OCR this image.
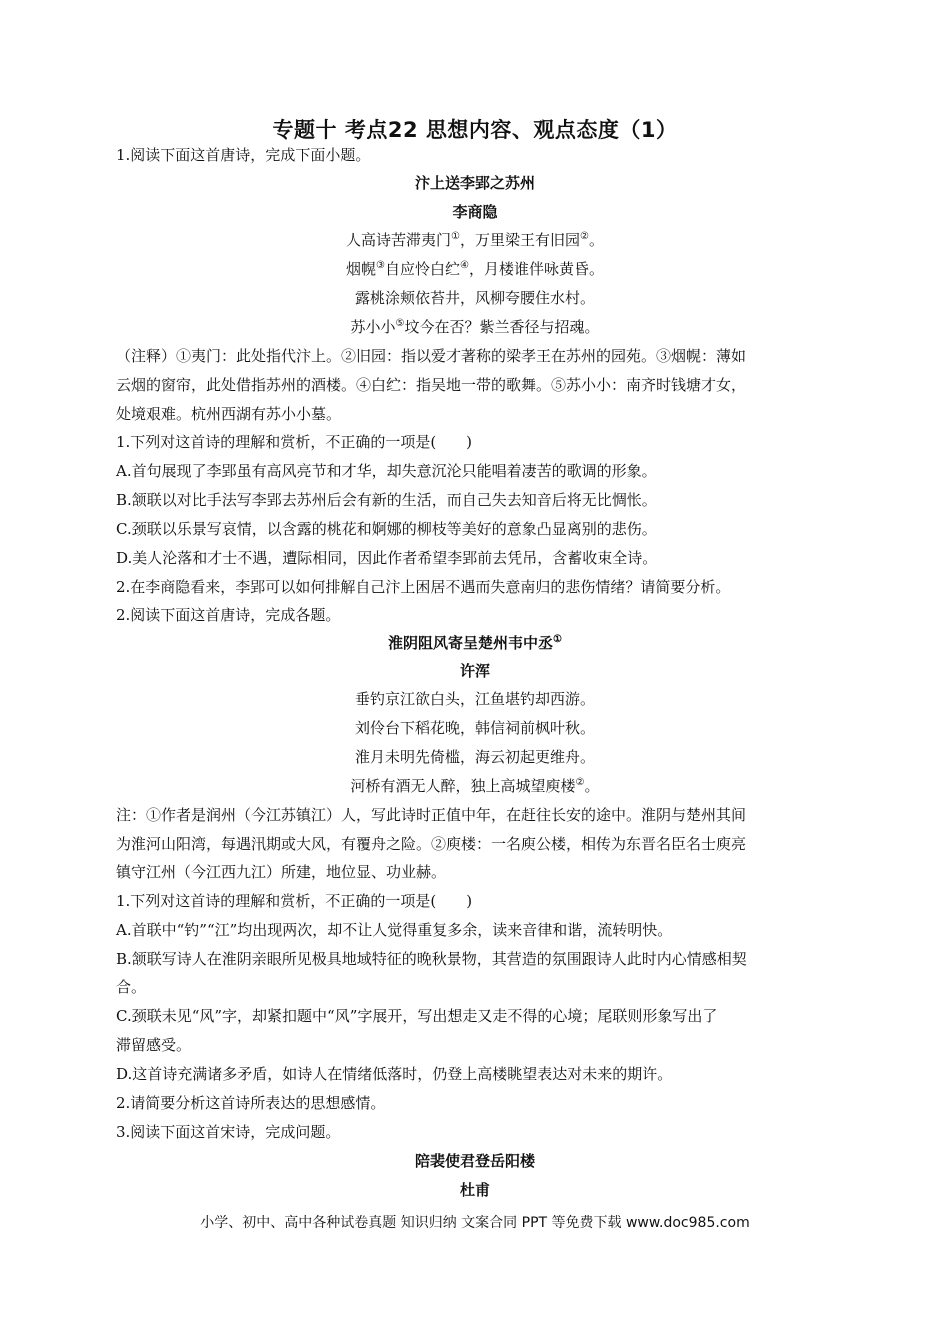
专题十 考点22 思想内容、观点态度（1）
1.阅读下面这首唐诗，完成下面小题。
汴上送李郢之苏州
李商隐
人高诗苦滞夷门①，万里梁王有旧园②。
烟幌③自应怜白纻④，月楼谁伴咏黄昏。
露桃涂颊依苔井，风柳夸腰住水村。
苏小小⑤坟今在否？紫兰香径与招魂。
（注释）①夷门：此处指代汴上。②旧园：指以爱才著称的梁孝王在苏州的园苑。③烟幌：薄如
云烟的窗帘，此处借指苏州的酒楼。④白纻：指吴地一带的歌舞。⑤苏小小：南齐时钱塘才女，
处境艰难。杭州西湖有苏小小墓。
1.下列对这首诗的理解和赏析，不正确的一项是(　　)
A.首句展现了李郢虽有高风亮节和才华，却失意沉沦只能唱着凄苦的歌调的形象。
B.颔联以对比手法写李郢去苏州后会有新的生活，而自己失去知音后将无比惆怅。
C.颈联以乐景写哀情，以含露的桃花和婀娜的柳枝等美好的意象凸显离别的悲伤。
D.美人沦落和才士不遇，遭际相同，因此作者希望李郢前去凭吊，含蓄收束全诗。
2.在李商隐看来，李郢可以如何排解自己汴上困居不遇而失意南归的悲伤情绪？请简要分析。
2.阅读下面这首唐诗，完成各题。
淮阴阻风寄呈楚州韦中丞①
许浑
垂钓京江欲白头，江鱼堪钓却西游。
刘伶台下稻花晚，韩信祠前枫叶秋。
淮月未明先倚槛，海云初起更维舟。
河桥有酒无人醉，独上高城望庾楼②。
注：①作者是润州（今江苏镇江）人，写此诗时正值中年，在赶往长安的途中。淮阴与楚州其间
为淮河山阳湾，每遇汛期或大风，有覆舟之险。②庾楼：一名庾公楼，相传为东晋名臣名士庾亮
镇守江州（今江西九江）所建，地位显、功业赫。
1.下列对这首诗的理解和赏析，不正确的一项是(　　)
A.首联中“钓”“江”均出现两次，却不让人觉得重复多余，读来音律和谐，流转明快。
B.颔联写诗人在淮阴亲眼所见极具地域特征的晚秋景物，其营造的氛围跟诗人此时内心情感相契
合。
C.颈联未见“风”字，却紧扣题中“风”字展开，写出想走又走不得的心境；尾联则形象写出了
滞留感受。
D.这首诗充满诸多矛盾，如诗人在情绪低落时，仍登上高楼眺望表达对未来的期许。
2.请简要分析这首诗所表达的思想感情。
3.阅读下面这首宋诗，完成问题。
陪裴使君登岳阳楼
杜甫
小学、初中、高中各种试卷真题 知识归纳 文案合同 PPT 等免费下载 www.doc985.com
